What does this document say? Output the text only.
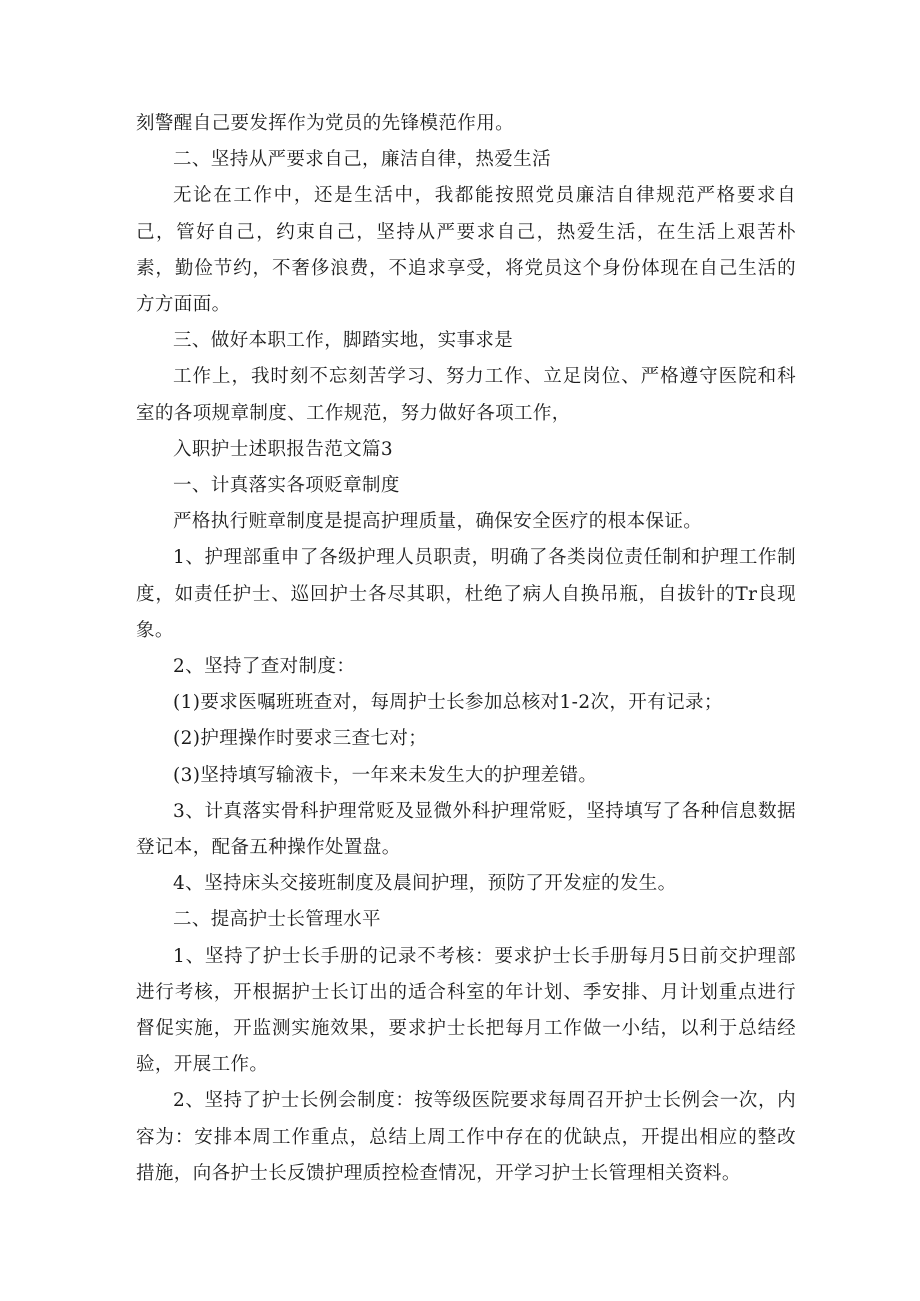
刻警醒自己要发挥作为党员的先锋模范作用。

二、坚持从严要求自己，廉洁自律，热爱生活

无论在工作中，还是生活中，我都能按照党员廉洁自律规范严格要求自己，管好自己，约束自己，坚持从严要求自己，热爱生活，在生活上艰苦朴素，勤俭节约，不奢侈浪费，不追求享受，将党员这个身份体现在自己生活的方方面面。

三、做好本职工作，脚踏实地，实事求是

工作上，我时刻不忘刻苦学习、努力工作、立足岗位、严格遵守医院和科室的各项规章制度、工作规范，努力做好各项工作，

入职护士述职报告范文篇3

一、计真落实各项贬章制度

严格执行赃章制度是提高护理质量，确保安全医疗的根本保证。

1、护理部重申了各级护理人员职责，明确了各类岗位责任制和护理工作制度，如责任护士、巡回护士各尽其职，杜绝了病人自换吊瓶，自拔针的Tr良现象。

2、坚持了查对制度：

(1)要求医嘱班班查对，每周护士长参加总核对1-2次，开有记录；

(2)护理操作时要求三查七对；

(3)坚持填写输液卡，一年来未发生大的护理差错。

3、计真落实骨科护理常贬及显微外科护理常贬，坚持填写了各种信息数据登记本，配备五种操作处置盘。

4、坚持床头交接班制度及晨间护理，预防了开发症的发生。

二、提高护士长管理水平

1、坚持了护士长手册的记录不考核：要求护士长手册每月5日前交护理部进行考核，开根据护士长订出的适合科室的年计划、季安排、月计划重点进行督促实施，开监测实施效果，要求护士长把每月工作做一小结，以利于总结经验，开展工作。

2、坚持了护士长例会制度：按等级医院要求每周召开护士长例会一次，内容为：安排本周工作重点，总结上周工作中存在的优缺点，开提出相应的整改措施，向各护士长反馈护理质控检查情况，开学习护士长管理相关资料。
